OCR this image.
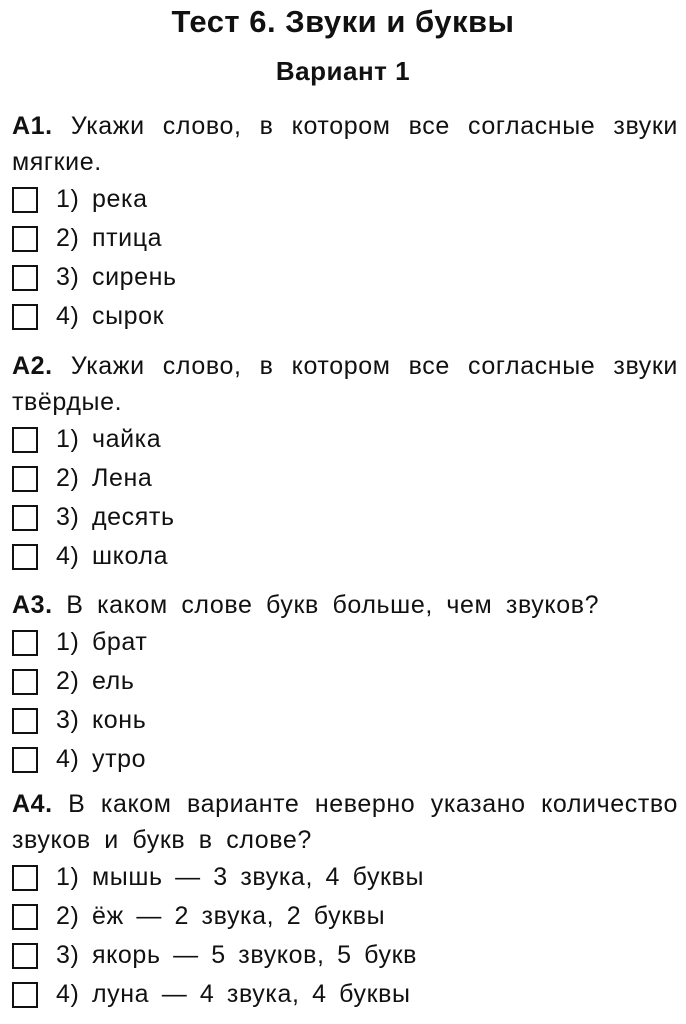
Тест 6. Звуки и буквы
Вариант 1
А1. Укажи слово, в котором все согласные звуки мягкие.
1) река
2) птица
3) сирень
4) сырок
А2. Укажи слово, в котором все согласные звуки твёрдые.
1) чайка
2) Лена
3) десять
4) школа
А3. В каком слове букв больше, чем звуков?
1) брат
2) ель
3) конь
4) утро
А4. В каком варианте неверно указано количество звуков и букв в слове?
1) мышь — 3 звука, 4 буквы
2) ёж — 2 звука, 2 буквы
3) якорь — 5 звуков, 5 букв
4) луна — 4 звука, 4 буквы
